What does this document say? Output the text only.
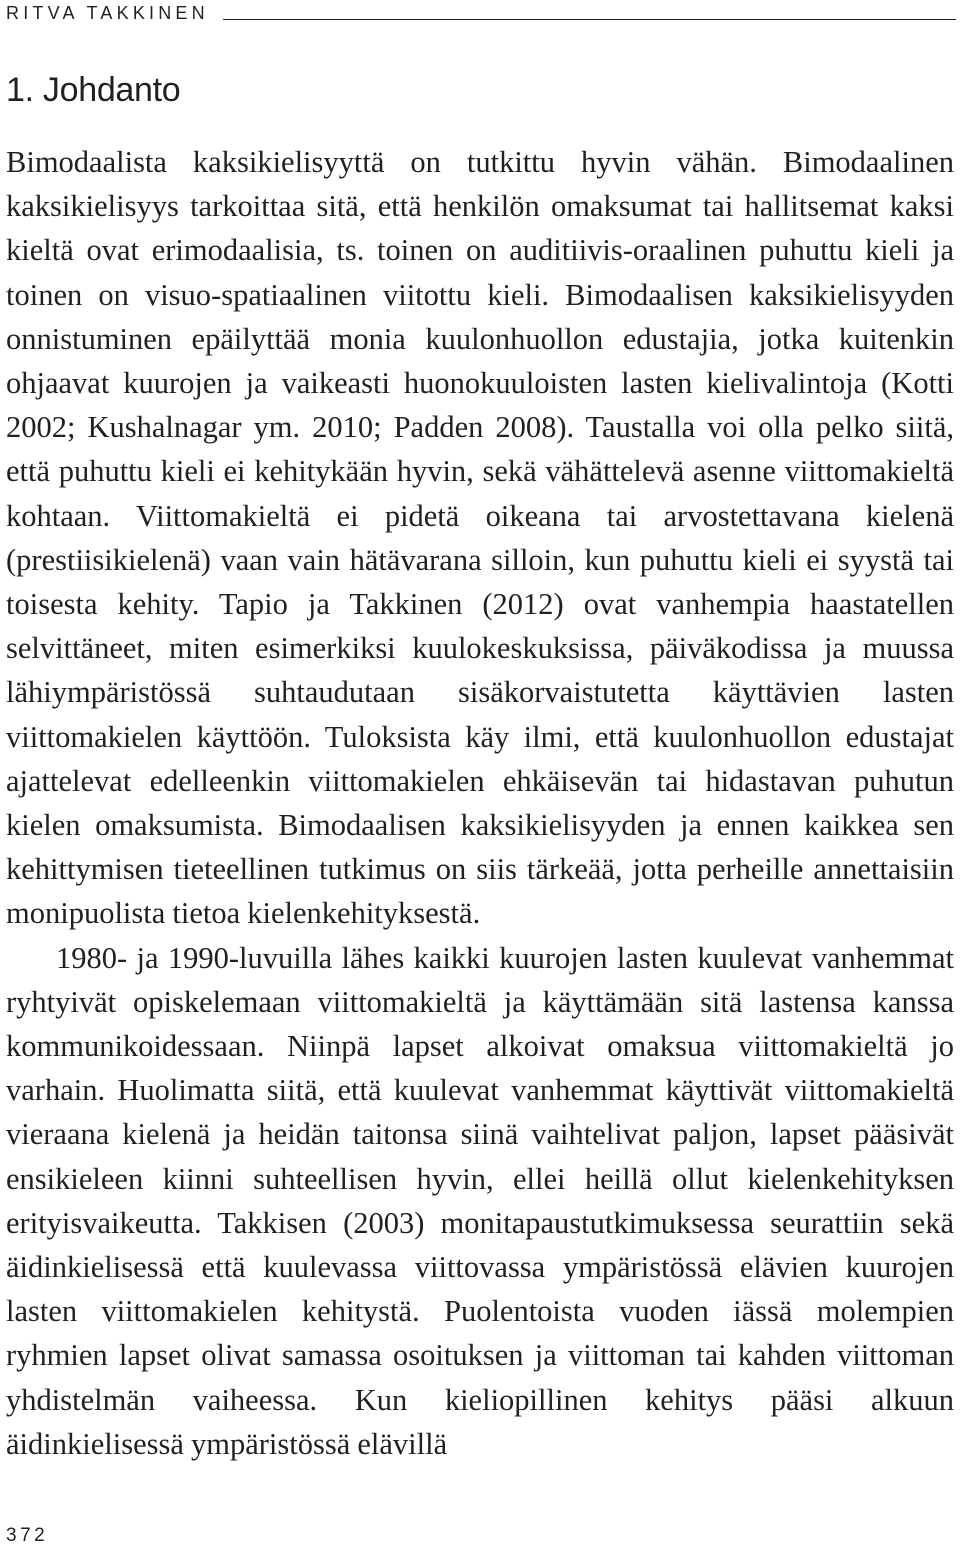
RITVA TAKKINEN
1. Johdanto

Bimodaalista kaksikielisyyttä on tutkittu hyvin vähän. Bimodaalinen kaksikielisyys tarkoittaa sitä, että henkilön omaksumat tai hallitsemat kaksi kieltä ovat erimodaalisia, ts. toinen on auditiivis-oraalinen puhuttu kieli ja toinen on visuo-spatiaalinen viitottu kieli. Bimodaalisen kaksikielisyyden onnistuminen epäilyttää monia kuulonhuollon edustajia, jotka kuitenkin ohjaavat kuurojen ja vaikeasti huonokuuloisten lasten kielivalintoja (Kotti 2002; Kushalnagar ym. 2010; Padden 2008). Taustalla voi olla pelko siitä, että puhuttu kieli ei kehitykään hyvin, sekä vähättelevä asenne viittomakieltä kohtaan. Viittomakieltä ei pidetä oikeana tai arvostettavana kielenä (prestiisikielenä) vaan vain hätävarana silloin, kun puhuttu kieli ei syystä tai toisesta kehity. Tapio ja Takkinen (2012) ovat vanhempia haastatellen selvittäneet, miten esimerkiksi kuulokeskuksissa, päiväkodissa ja muussa lähiympäristössä suhtaudutaan sisäkorvaistutetta käyttävien lasten viittomakielen käyttöön. Tuloksista käy ilmi, että kuulonhuollon edustajat ajattelevat edelleenkin viittomakielen ehkäisevän tai hidastavan puhutun kielen omaksumista. Bimodaalisen kaksikielisyyden ja ennen kaikkea sen kehittymisen tieteellinen tutkimus on siis tärkeää, jotta perheille annettaisiin monipuolista tietoa kielenkehityksestä.

1980- ja 1990-luvuilla lähes kaikki kuurojen lasten kuulevat vanhemmat ryhtyivät opiskelemaan viittomakieltä ja käyttämään sitä lastensa kanssa kommunikoidessaan. Niinpä lapset alkoivat omaksua viittomakieltä jo varhain. Huolimatta siitä, että kuulevat vanhemmat käyttivät viittomakieltä vieraana kielenä ja heidän taitonsa siinä vaihtelivat paljon, lapset pääsivät ensikieleen kiinni suhteellisen hyvin, ellei heillä ollut kielenkehityksen erityisvaikeutta. Takkisen (2003) monitapaustutkimuksessa seurattiin sekä äidinkielisessä että kuulevassa viittovassa ympäristössä elävien kuurojen lasten viittomakielen kehitystä. Puolentoista vuoden iässä molempien ryhmien lapset olivat samassa osoituksen ja viittoman tai kahden viittoman yhdistelmän vaiheessa. Kun kieliopillinen kehitys pääsi alkuun äidinkielisessä ympäristössä elävillä

372
